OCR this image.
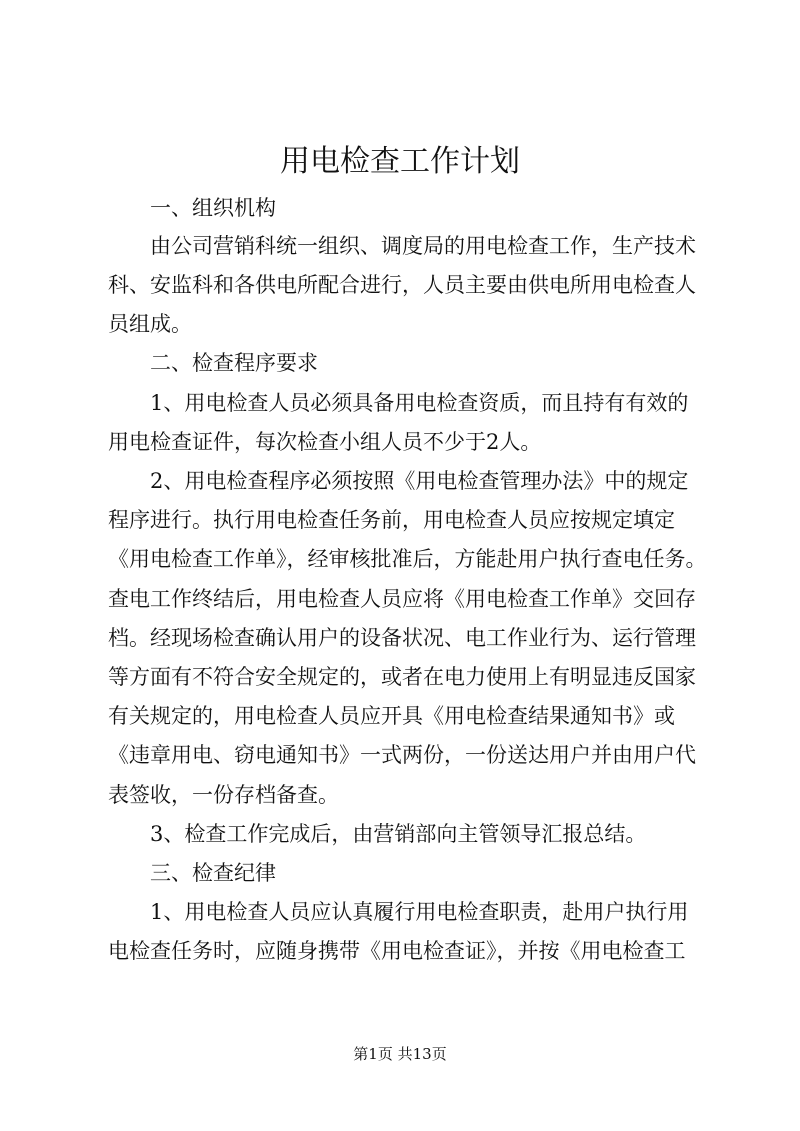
用电检查工作计划
一、组织机构
由公司营销科统一组织、调度局的用电检查工作，生产技术
科、安监科和各供电所配合进行，人员主要由供电所用电检查人
员组成。
二、检查程序要求
1、用电检查人员必须具备用电检查资质，而且持有有效的
用电检查证件，每次检查小组人员不少于2人。
2、用电检查程序必须按照《用电检查管理办法》中的规定
程序进行。执行用电检查任务前，用电检查人员应按规定填定
《用电检查工作单》，经审核批准后，方能赴用户执行查电任务。
查电工作终结后，用电检查人员应将《用电检查工作单》交回存
档。经现场检查确认用户的设备状况、电工作业行为、运行管理
等方面有不符合安全规定的，或者在电力使用上有明显违反国家
有关规定的，用电检查人员应开具《用电检查结果通知书》或
《违章用电、窃电通知书》一式两份，一份送达用户并由用户代
表签收，一份存档备查。
3、检查工作完成后，由营销部向主管领导汇报总结。
三、检查纪律
1、用电检查人员应认真履行用电检查职责，赴用户执行用
电检查任务时，应随身携带《用电检查证》，并按《用电检查工
第1页 共13页
